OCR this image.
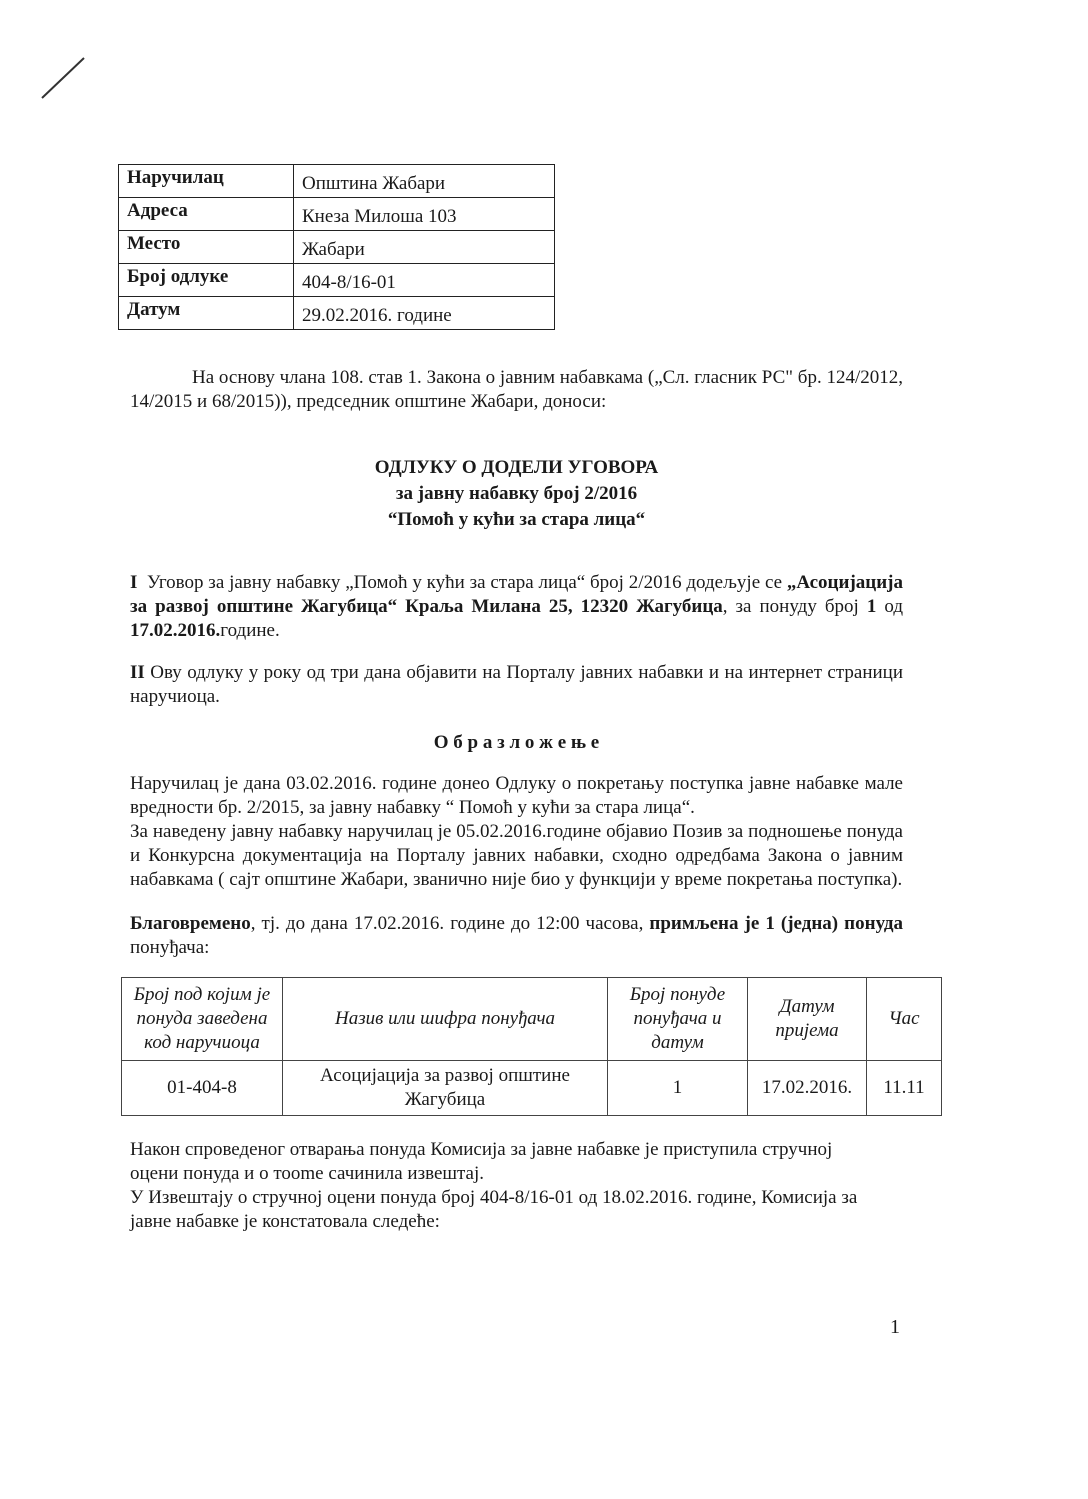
Наручилац	Општина Жабари
Адреса	Кнеза Милоша 103
Место	Жабари
Број одлуке	404-8/16-01
Датум	29.02.2016. године

На основу члана 108. став 1. Закона о јавним набавкама („Сл. гласник РС" бр. 124/2012, 14/2015 и 68/2015)), председник општине Жабари, доноси:

ОДЛУКУ О ДОДЕЛИ УГОВОРА
за јавну набавку број 2/2016
“Помоћ у кући за стара лица“

I Уговор за јавну набавку „Помоћ у кући за стара лица“ број 2/2016 додељује се „Асоцијација за развој општине Жагубица“ Краља Милана 25, 12320 Жагубица, за понуду број 1 од 17.02.2016.године.

II Ову одлуку у року од три дана објавити на Порталу јавних набавки и на интернет страници наручиоца.

О б р а з л о ж е њ е

Наручилац је дана 03.02.2016. године донео Одлуку о покретању поступка јавне набавке мале вредности бр. 2/2015, за јавну набавку “ Помоћ у кући за стара лица“.

За наведену јавну набавку наручилац је 05.02.2016.године објавио Позив за подношење понуда и Конкурсна документација на Порталу јавних набавки, сходно одредбама Закона о јавним набавкама ( сајт општине Жабари, званично није био у функцији у време покретања поступка).

Благовремено, тј. до дана 17.02.2016. године до 12:00 часова, примљена је 1 (једна) понуда понуђача:

Број под којим је понуда заведена код наручиоца	Назив или шифра понуђача	Број понуде понуђача и датум	Датум пријема	Час
01-404-8	Асоцијација за развој општине Жагубица	1	17.02.2016.	11.11

Након спроведеног отварања понуда Комисија за јавне набавке је приступила стручној оцени понуда и о тоome сачинила извештај.

У Извештају о стручној оцени понуда број 404-8/16-01 од 18.02.2016. године, Комисија за јавне набавке је констатовала следеће:

1
